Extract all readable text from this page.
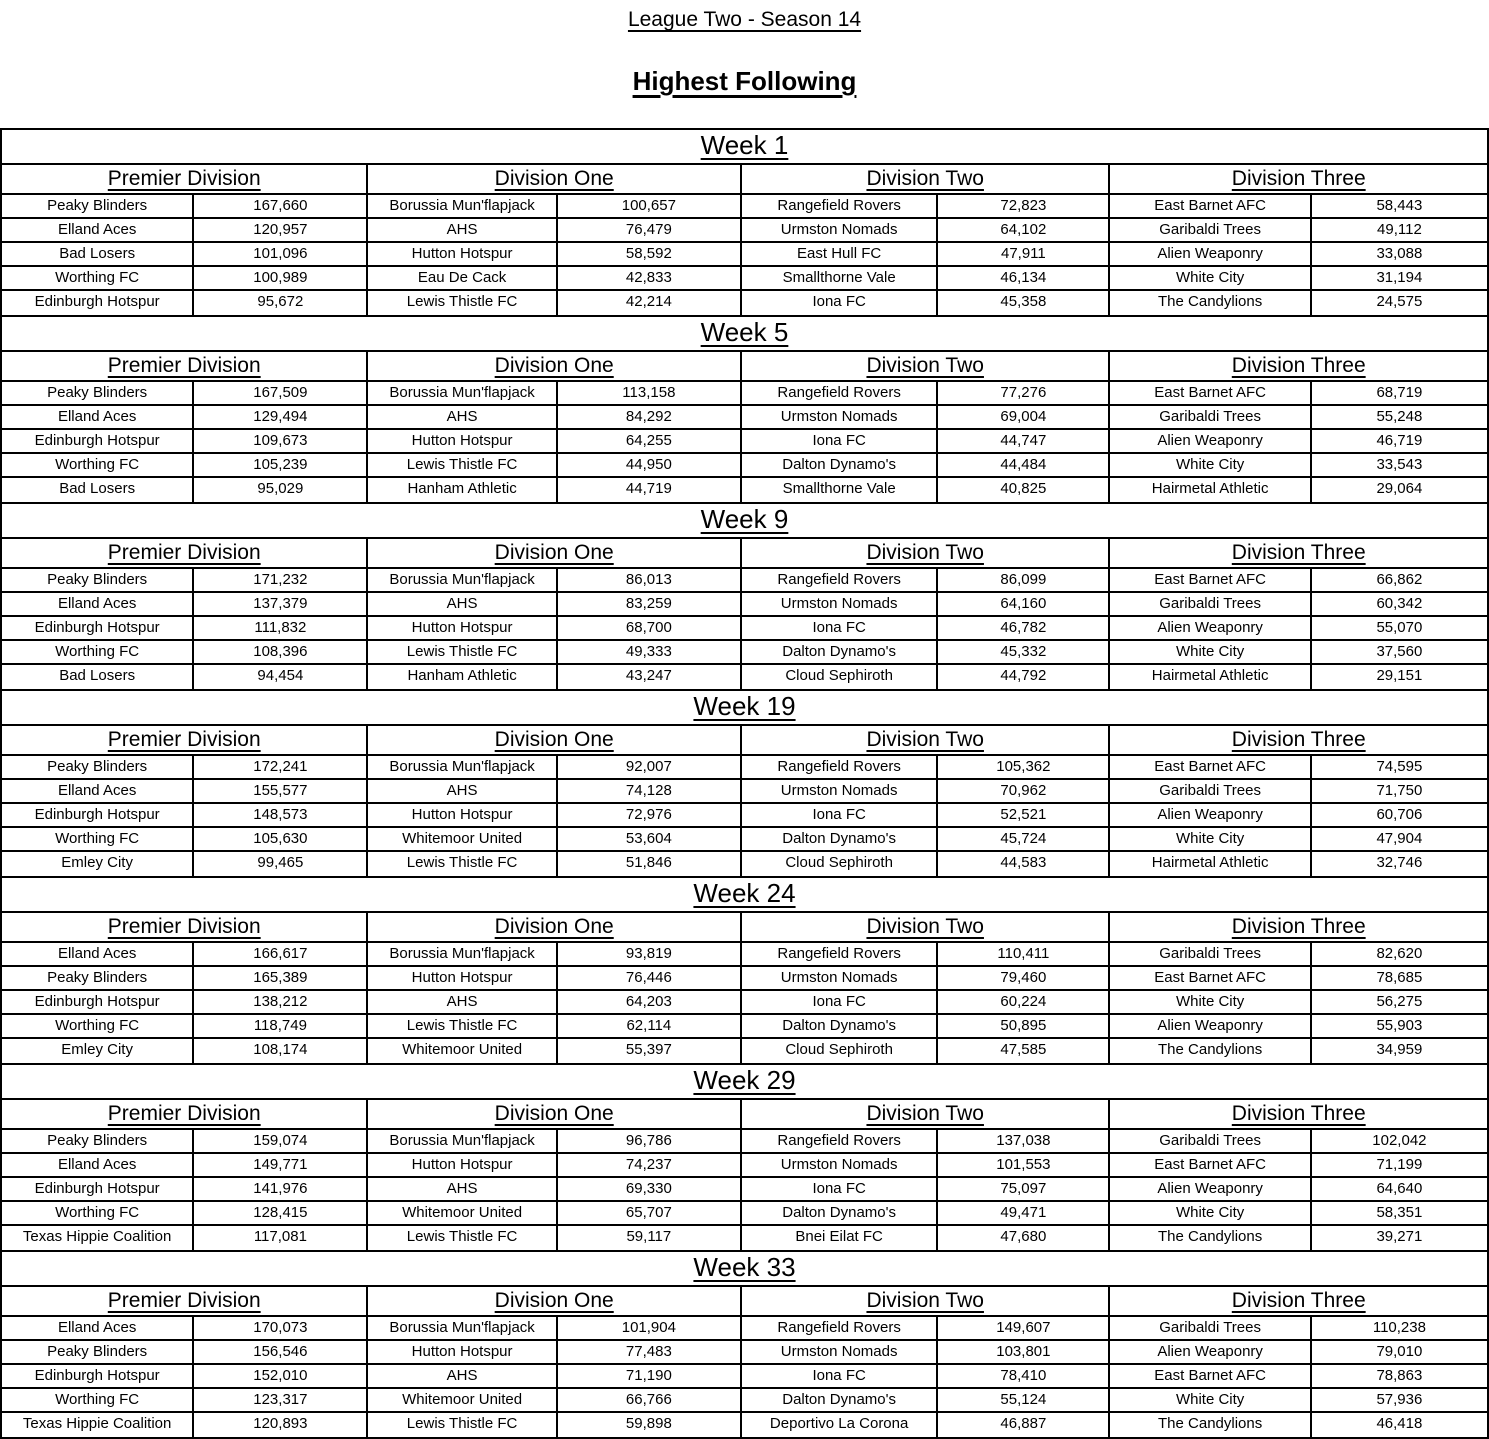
League Two - Season 14
Highest Following
Week 1
Premier Division	Division One	Division Two	Division Three
Peaky Blinders	167,660	Borussia Mun'flapjack	100,657	Rangefield Rovers	72,823	East Barnet AFC	58,443
Elland Aces	120,957	AHS	76,479	Urmston Nomads	64,102	Garibaldi Trees	49,112
Bad Losers	101,096	Hutton Hotspur	58,592	East Hull FC	47,911	Alien Weaponry	33,088
Worthing FC	100,989	Eau De Cack	42,833	Smallthorne Vale	46,134	White City	31,194
Edinburgh Hotspur	95,672	Lewis Thistle FC	42,214	Iona FC	45,358	The Candylions	24,575
Week 5
Premier Division	Division One	Division Two	Division Three
Peaky Blinders	167,509	Borussia Mun'flapjack	113,158	Rangefield Rovers	77,276	East Barnet AFC	68,719
Elland Aces	129,494	AHS	84,292	Urmston Nomads	69,004	Garibaldi Trees	55,248
Edinburgh Hotspur	109,673	Hutton Hotspur	64,255	Iona FC	44,747	Alien Weaponry	46,719
Worthing FC	105,239	Lewis Thistle FC	44,950	Dalton Dynamo's	44,484	White City	33,543
Bad Losers	95,029	Hanham Athletic	44,719	Smallthorne Vale	40,825	Hairmetal Athletic	29,064
Week 9
Premier Division	Division One	Division Two	Division Three
Peaky Blinders	171,232	Borussia Mun'flapjack	86,013	Rangefield Rovers	86,099	East Barnet AFC	66,862
Elland Aces	137,379	AHS	83,259	Urmston Nomads	64,160	Garibaldi Trees	60,342
Edinburgh Hotspur	111,832	Hutton Hotspur	68,700	Iona FC	46,782	Alien Weaponry	55,070
Worthing FC	108,396	Lewis Thistle FC	49,333	Dalton Dynamo's	45,332	White City	37,560
Bad Losers	94,454	Hanham Athletic	43,247	Cloud Sephiroth	44,792	Hairmetal Athletic	29,151
Week 19
Premier Division	Division One	Division Two	Division Three
Peaky Blinders	172,241	Borussia Mun'flapjack	92,007	Rangefield Rovers	105,362	East Barnet AFC	74,595
Elland Aces	155,577	AHS	74,128	Urmston Nomads	70,962	Garibaldi Trees	71,750
Edinburgh Hotspur	148,573	Hutton Hotspur	72,976	Iona FC	52,521	Alien Weaponry	60,706
Worthing FC	105,630	Whitemoor United	53,604	Dalton Dynamo's	45,724	White City	47,904
Emley City	99,465	Lewis Thistle FC	51,846	Cloud Sephiroth	44,583	Hairmetal Athletic	32,746
Week 24
Premier Division	Division One	Division Two	Division Three
Elland Aces	166,617	Borussia Mun'flapjack	93,819	Rangefield Rovers	110,411	Garibaldi Trees	82,620
Peaky Blinders	165,389	Hutton Hotspur	76,446	Urmston Nomads	79,460	East Barnet AFC	78,685
Edinburgh Hotspur	138,212	AHS	64,203	Iona FC	60,224	White City	56,275
Worthing FC	118,749	Lewis Thistle FC	62,114	Dalton Dynamo's	50,895	Alien Weaponry	55,903
Emley City	108,174	Whitemoor United	55,397	Cloud Sephiroth	47,585	The Candylions	34,959
Week 29
Premier Division	Division One	Division Two	Division Three
Peaky Blinders	159,074	Borussia Mun'flapjack	96,786	Rangefield Rovers	137,038	Garibaldi Trees	102,042
Elland Aces	149,771	Hutton Hotspur	74,237	Urmston Nomads	101,553	East Barnet AFC	71,199
Edinburgh Hotspur	141,976	AHS	69,330	Iona FC	75,097	Alien Weaponry	64,640
Worthing FC	128,415	Whitemoor United	65,707	Dalton Dynamo's	49,471	White City	58,351
Texas Hippie Coalition	117,081	Lewis Thistle FC	59,117	Bnei Eilat FC	47,680	The Candylions	39,271
Week 33
Premier Division	Division One	Division Two	Division Three
Elland Aces	170,073	Borussia Mun'flapjack	101,904	Rangefield Rovers	149,607	Garibaldi Trees	110,238
Peaky Blinders	156,546	Hutton Hotspur	77,483	Urmston Nomads	103,801	Alien Weaponry	79,010
Edinburgh Hotspur	152,010	AHS	71,190	Iona FC	78,410	East Barnet AFC	78,863
Worthing FC	123,317	Whitemoor United	66,766	Dalton Dynamo's	55,124	White City	57,936
Texas Hippie Coalition	120,893	Lewis Thistle FC	59,898	Deportivo La Corona	46,887	The Candylions	46,418
